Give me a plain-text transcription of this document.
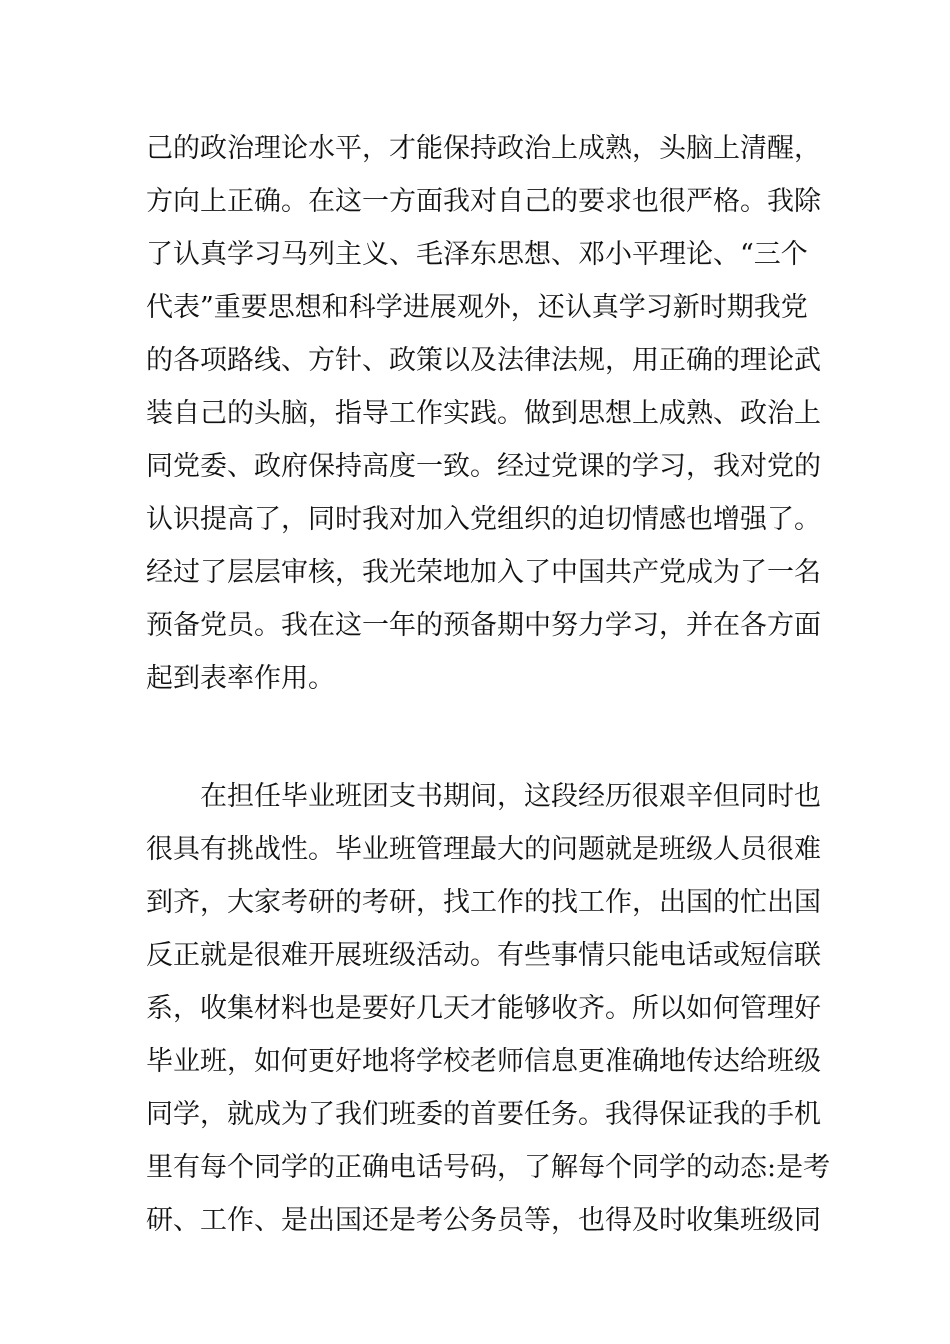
己的政治理论水平，才能保持政治上成熟，头脑上清醒，
方向上正确。在这一方面我对自己的要求也很严格。我除
了认真学习马列主义、毛泽东思想、邓小平理论、“三个
代表”重要思想和科学进展观外，还认真学习新时期我党
的各项路线、方针、政策以及法律法规，用正确的理论武
装自己的头脑，指导工作实践。做到思想上成熟、政治上
同党委、政府保持高度一致。经过党课的学习，我对党的
认识提高了，同时我对加入党组织的迫切情感也增强了。
经过了层层审核，我光荣地加入了中国共产党成为了一名
预备党员。我在这一年的预备期中努力学习，并在各方面
起到表率作用。
　　在担任毕业班团支书期间，这段经历很艰辛但同时也
很具有挑战性。毕业班管理最大的问题就是班级人员很难
到齐，大家考研的考研，找工作的找工作，出国的忙出国
反正就是很难开展班级活动。有些事情只能电话或短信联
系，收集材料也是要好几天才能够收齐。所以如何管理好
毕业班，如何更好地将学校老师信息更准确地传达给班级
同学，就成为了我们班委的首要任务。我得保证我的手机
里有每个同学的正确电话号码，了解每个同学的动态:是考
研、工作、是出国还是考公务员等，也得及时收集班级同
